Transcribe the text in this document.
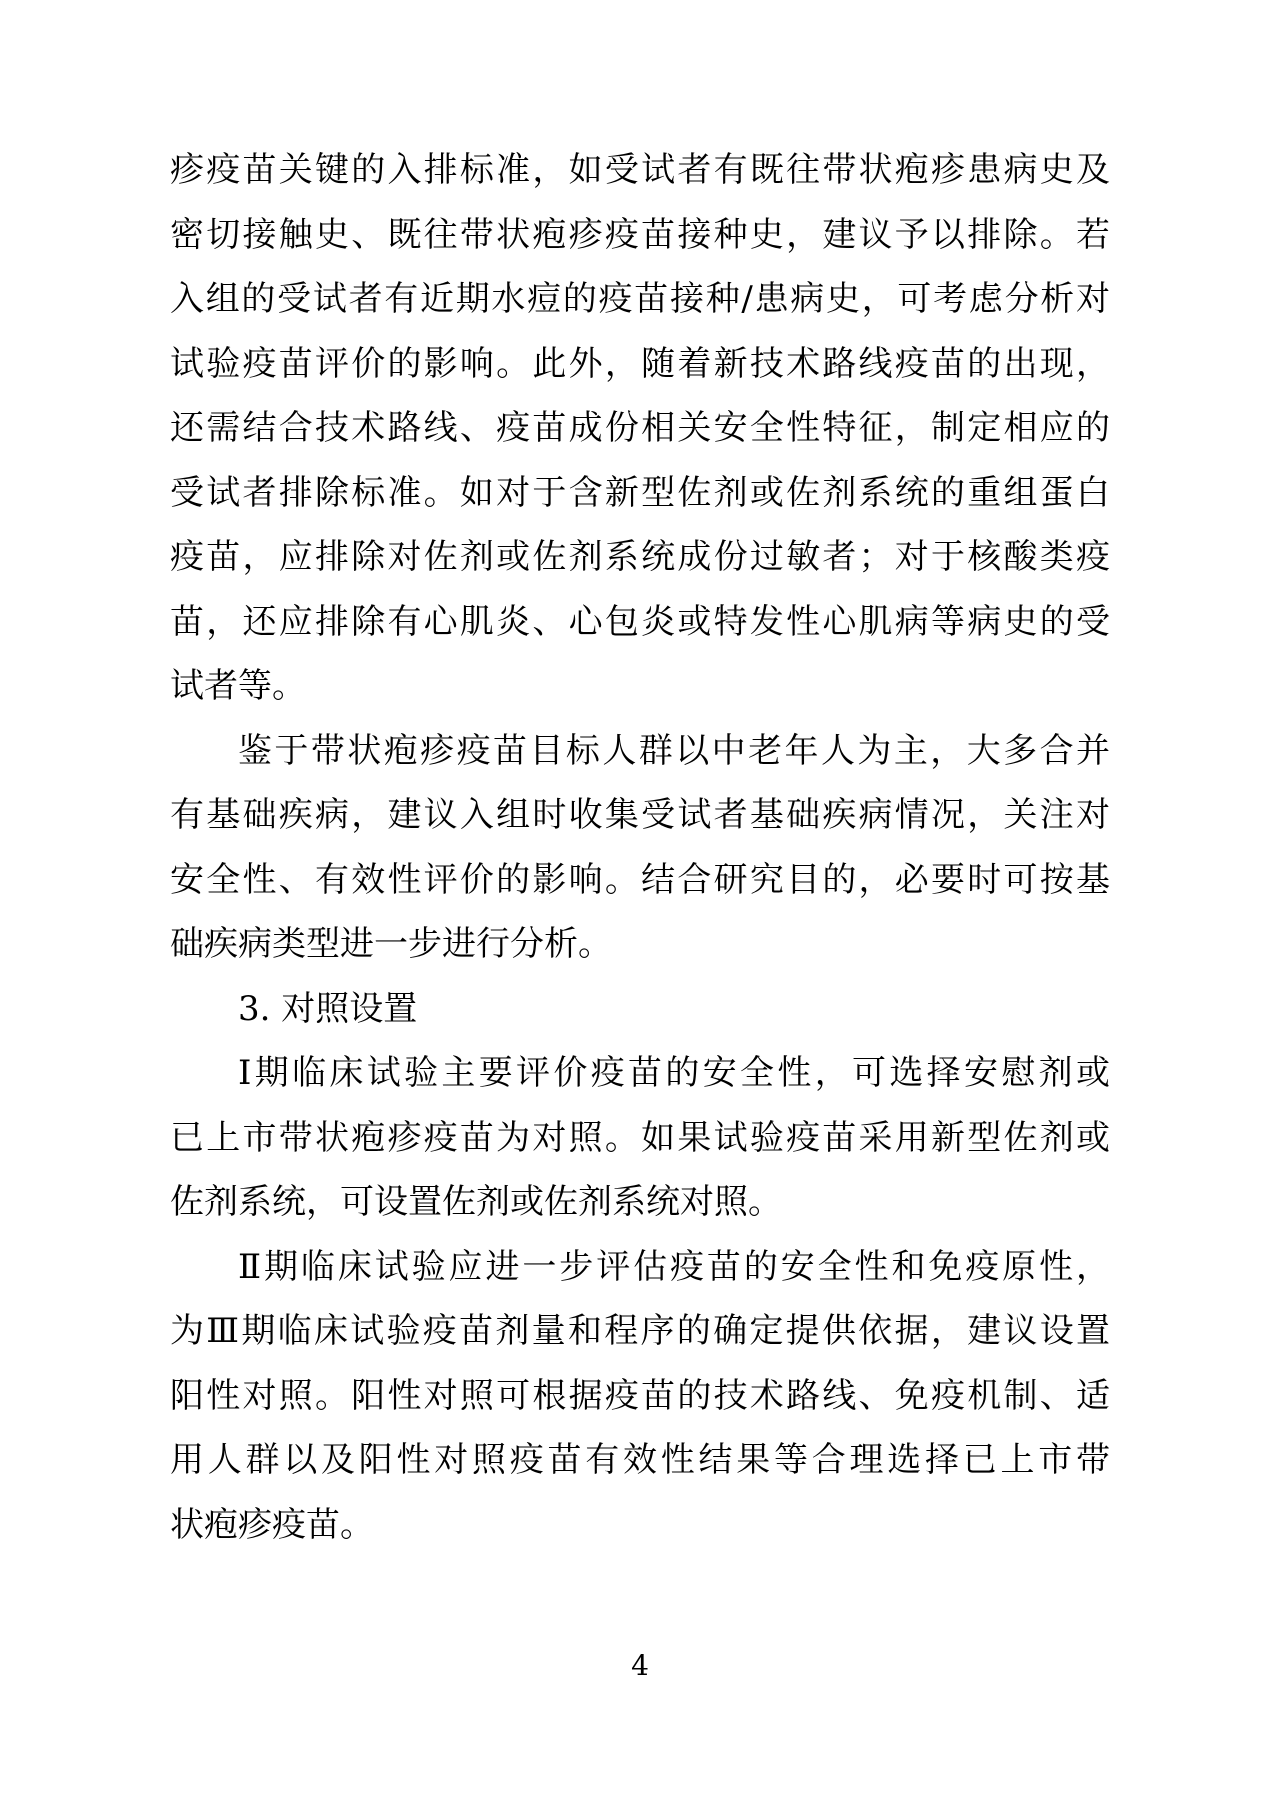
疹疫苗关键的入排标准，如受试者有既往带状疱疹患病史及
密切接触史、既往带状疱疹疫苗接种史，建议予以排除。若
入组的受试者有近期水痘的疫苗接种/患病史，可考虑分析对
试验疫苗评价的影响。此外，随着新技术路线疫苗的出现，
还需结合技术路线、疫苗成份相关安全性特征，制定相应的
受试者排除标准。如对于含新型佐剂或佐剂系统的重组蛋白
疫苗，应排除对佐剂或佐剂系统成份过敏者；对于核酸类疫
苗，还应排除有心肌炎、心包炎或特发性心肌病等病史的受
试者等。
鉴于带状疱疹疫苗目标人群以中老年人为主，大多合并
有基础疾病，建议入组时收集受试者基础疾病情况，关注对
安全性、有效性评价的影响。结合研究目的，必要时可按基
础疾病类型进一步进行分析。
3. 对照设置
Ⅰ期临床试验主要评价疫苗的安全性，可选择安慰剂或
已上市带状疱疹疫苗为对照。如果试验疫苗采用新型佐剂或
佐剂系统，可设置佐剂或佐剂系统对照。
Ⅱ期临床试验应进一步评估疫苗的安全性和免疫原性，
为Ⅲ期临床试验疫苗剂量和程序的确定提供依据，建议设置
阳性对照。阳性对照可根据疫苗的技术路线、免疫机制、适
用人群以及阳性对照疫苗有效性结果等合理选择已上市带
状疱疹疫苗。
4
